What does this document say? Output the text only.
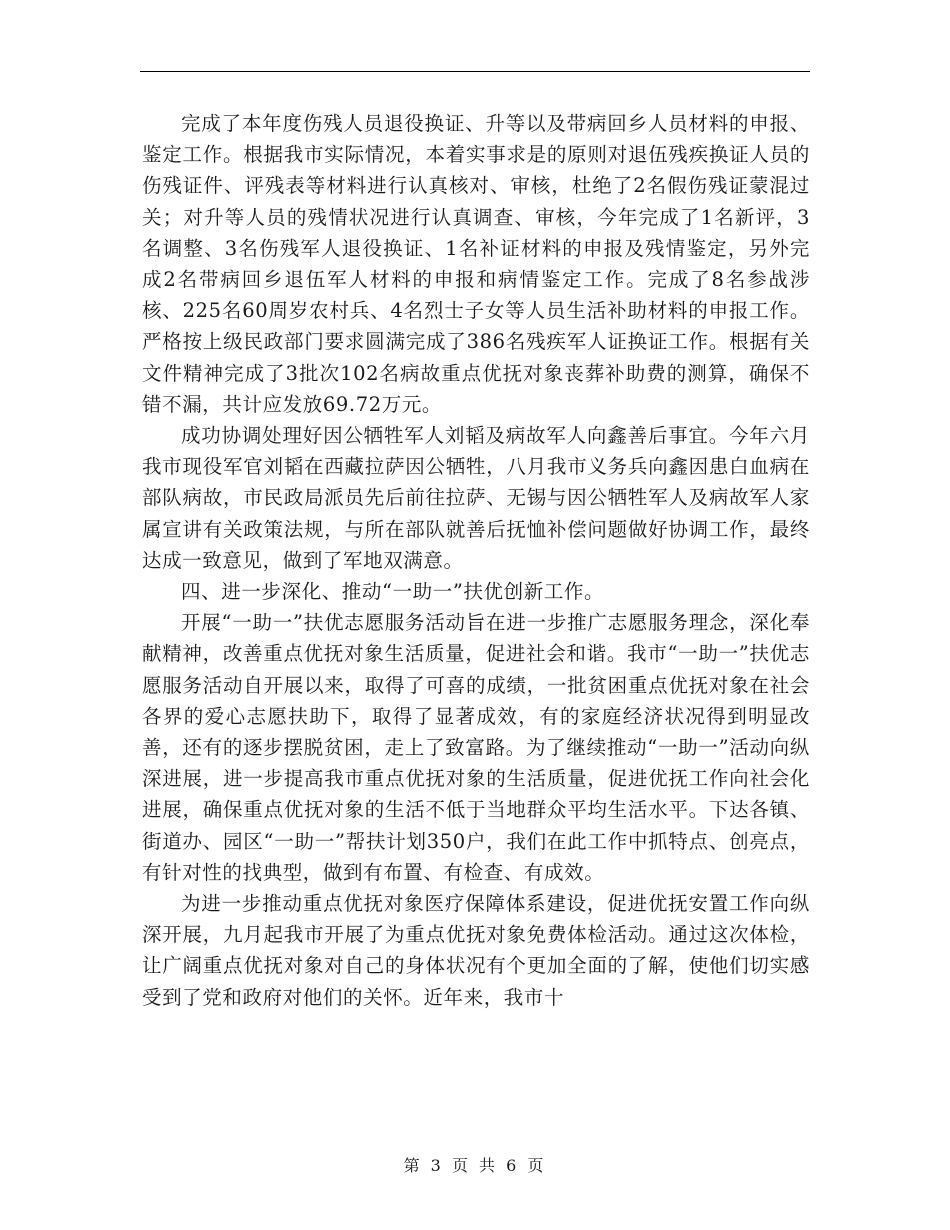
完成了本年度伤残人员退役换证、升等以及带病回乡人员材料的申报、鉴定工作。根据我市实际情况，本着实事求是的原则对退伍残疾换证人员的伤残证件、评残表等材料进行认真核对、审核，杜绝了2名假伤残证蒙混过关；对升等人员的残情状况进行认真调查、审核，今年完成了1名新评，3名调整、3名伤残军人退役换证、1名补证材料的申报及残情鉴定，另外完成2名带病回乡退伍军人材料的申报和病情鉴定工作。完成了8名参战涉核、225名60周岁农村兵、4名烈士子女等人员生活补助材料的申报工作。严格按上级民政部门要求圆满完成了386名残疾军人证换证工作。根据有关文件精神完成了3批次102名病故重点优抚对象丧葬补助费的测算，确保不错不漏，共计应发放69.72万元。

成功协调处理好因公牺牲军人刘韬及病故军人向鑫善后事宜。今年六月我市现役军官刘韬在西藏拉萨因公牺牲，八月我市义务兵向鑫因患白血病在部队病故，市民政局派员先后前往拉萨、无锡与因公牺牲军人及病故军人家属宣讲有关政策法规，与所在部队就善后抚恤补偿问题做好协调工作，最终达成一致意见，做到了军地双满意。

四、进一步深化、推动“一助一”扶优创新工作。

开展“一助一”扶优志愿服务活动旨在进一步推广志愿服务理念，深化奉献精神，改善重点优抚对象生活质量，促进社会和谐。我市“一助一”扶优志愿服务活动自开展以来，取得了可喜的成绩，一批贫困重点优抚对象在社会各界的爱心志愿扶助下，取得了显著成效，有的家庭经济状况得到明显改善，还有的逐步摆脱贫困，走上了致富路。为了继续推动“一助一”活动向纵深进展，进一步提高我市重点优抚对象的生活质量，促进优抚工作向社会化进展，确保重点优抚对象的生活不低于当地群众平均生活水平。下达各镇、街道办、园区“一助一”帮扶计划350户，我们在此工作中抓特点、创亮点，有针对性的找典型，做到有布置、有检查、有成效。

为进一步推动重点优抚对象医疗保障体系建设，促进优抚安置工作向纵深开展，九月起我市开展了为重点优抚对象免费体检活动。通过这次体检，让广阔重点优抚对象对自己的身体状况有个更加全面的了解，使他们切实感受到了党和政府对他们的关怀。近年来，我市十

第 3 页 共 6 页
